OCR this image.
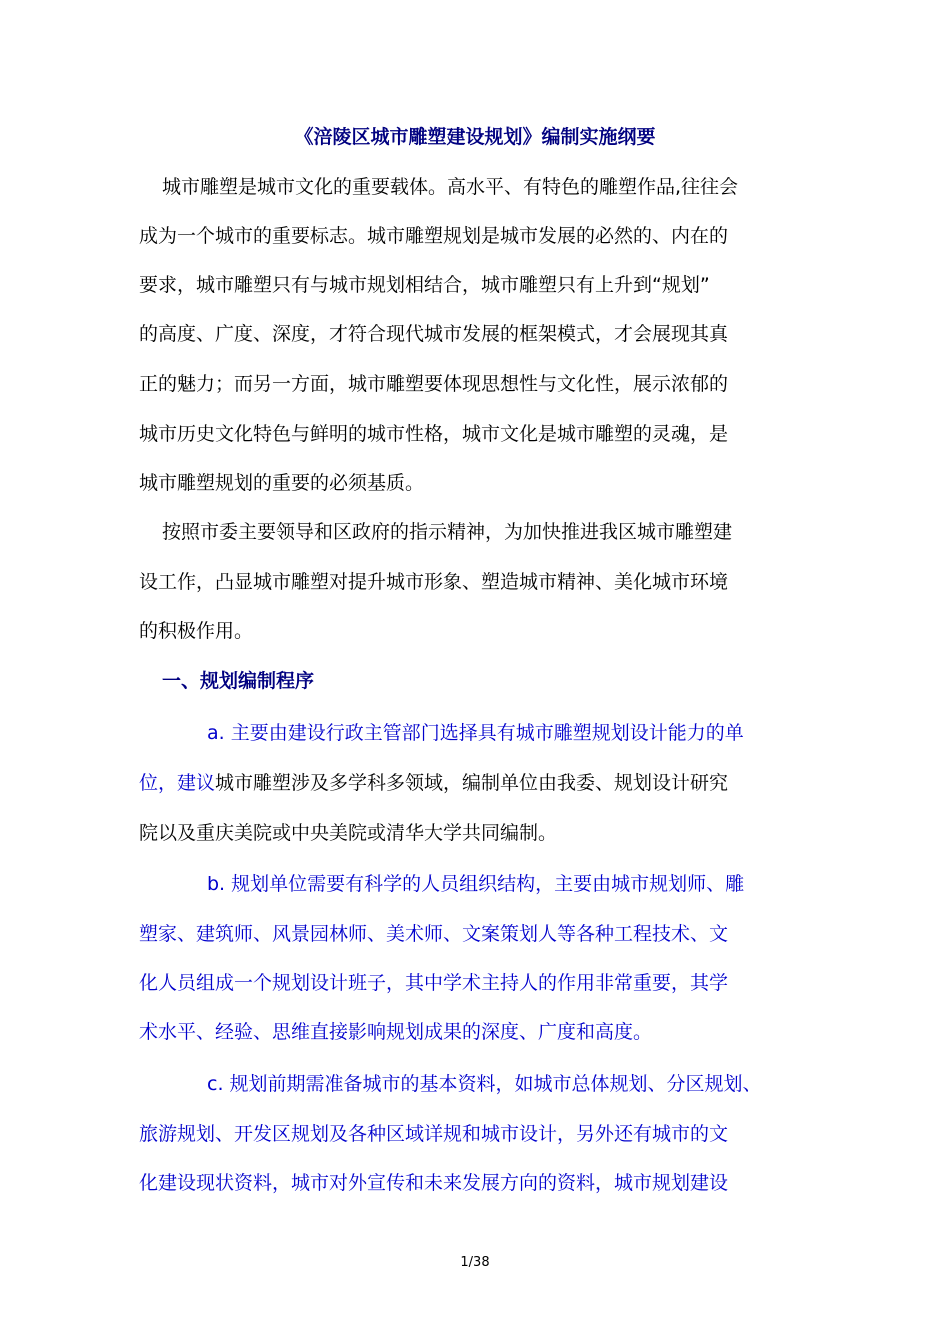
《涪陵区城市雕塑建设规划》编制实施纲要
城市雕塑是城市文化的重要载体。高水平、有特色的雕塑作品,往往会
成为一个城市的重要标志。城市雕塑规划是城市发展的必然的、内在的
要求，城市雕塑只有与城市规划相结合，城市雕塑只有上升到“规划”
的高度、广度、深度，才符合现代城市发展的框架模式，才会展现其真
正的魅力；而另一方面，城市雕塑要体现思想性与文化性，展示浓郁的
城市历史文化特色与鲜明的城市性格，城市文化是城市雕塑的灵魂，是
城市雕塑规划的重要的必须基质。
按照市委主要领导和区政府的指示精神，为加快推进我区城市雕塑建
设工作，凸显城市雕塑对提升城市形象、塑造城市精神、美化城市环境
的积极作用。
一、规划编制程序
a. 主要由建设行政主管部门选择具有城市雕塑规划设计能力的单
位，建议城市雕塑涉及多学科多领域，编制单位由我委、规划设计研究
院以及重庆美院或中央美院或清华大学共同编制。
b. 规划单位需要有科学的人员组织结构，主要由城市规划师、雕
塑家、建筑师、风景园林师、美术师、文案策划人等各种工程技术、文
化人员组成一个规划设计班子，其中学术主持人的作用非常重要，其学
术水平、经验、思维直接影响规划成果的深度、广度和高度。
c. 规划前期需准备城市的基本资料，如城市总体规划、分区规划、
旅游规划、开发区规划及各种区域详规和城市设计，另外还有城市的文
化建设现状资料，城市对外宣传和未来发展方向的资料，城市规划建设
1/38
